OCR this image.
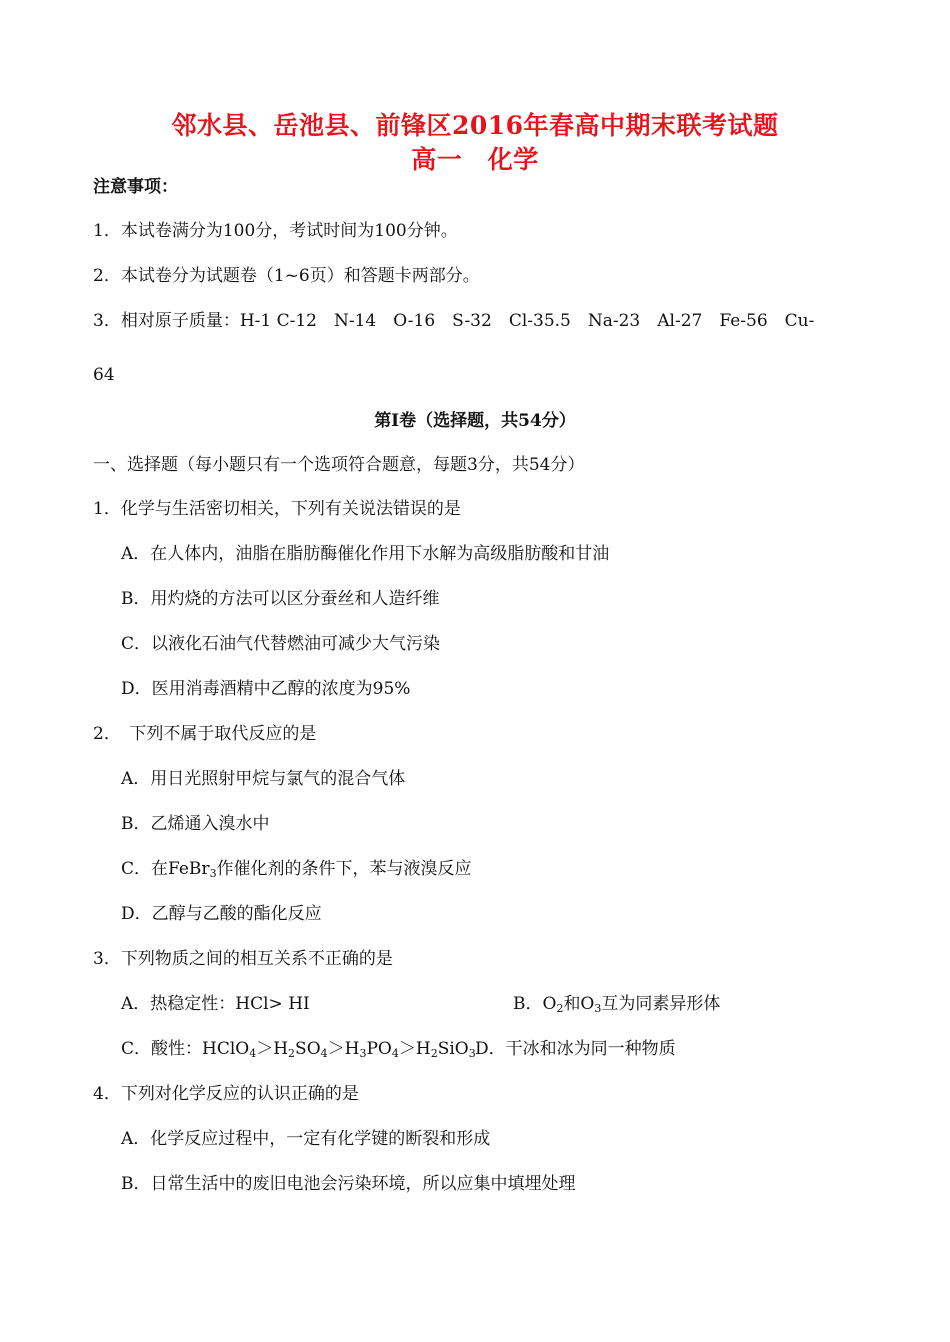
邻水县、岳池县、前锋区2016年春高中期末联考试题
高一　化学
注意事项：
1．本试卷满分为100分，考试时间为100分钟。
2．本试卷分为试题卷（1~6页）和答题卡两部分。
3．相对原子质量：H-1 C-12　N-14　O-16　S-32　Cl-35.5　Na-23　Al-27　Fe-56　Cu-
64
第Ⅰ卷（选择题，共54分）
一、选择题（每小题只有一个选项符合题意，每题3分，共54分）
1．化学与生活密切相关，下列有关说法错误的是
A．在人体内，油脂在脂肪酶催化作用下水解为高级脂肪酸和甘油
B．用灼烧的方法可以区分蚕丝和人造纤维
C．以液化石油气代替燃油可减少大气污染
D．医用消毒酒精中乙醇的浓度为95%
2．　下列不属于取代反应的是
A．用日光照射甲烷与氯气的混合气体
B．乙烯通入溴水中
C．在FeBr$_3$作催化剂的条件下，苯与液溴反应
D．乙醇与乙酸的酯化反应
3．下列物质之间的相互关系不正确的是
A．热稳定性：HCl> HI	B．$O_2$和$O_3$互为同素异形体
C．酸性：$HClO_4>H_2SO_4>H_3PO_4>H_2SiO_3$ D．干冰和冰为同一种物质
4．下列对化学反应的认识正确的是
A．化学反应过程中，一定有化学键的断裂和形成
B．日常生活中的废旧电池会污染环境，所以应集中填埋处理
